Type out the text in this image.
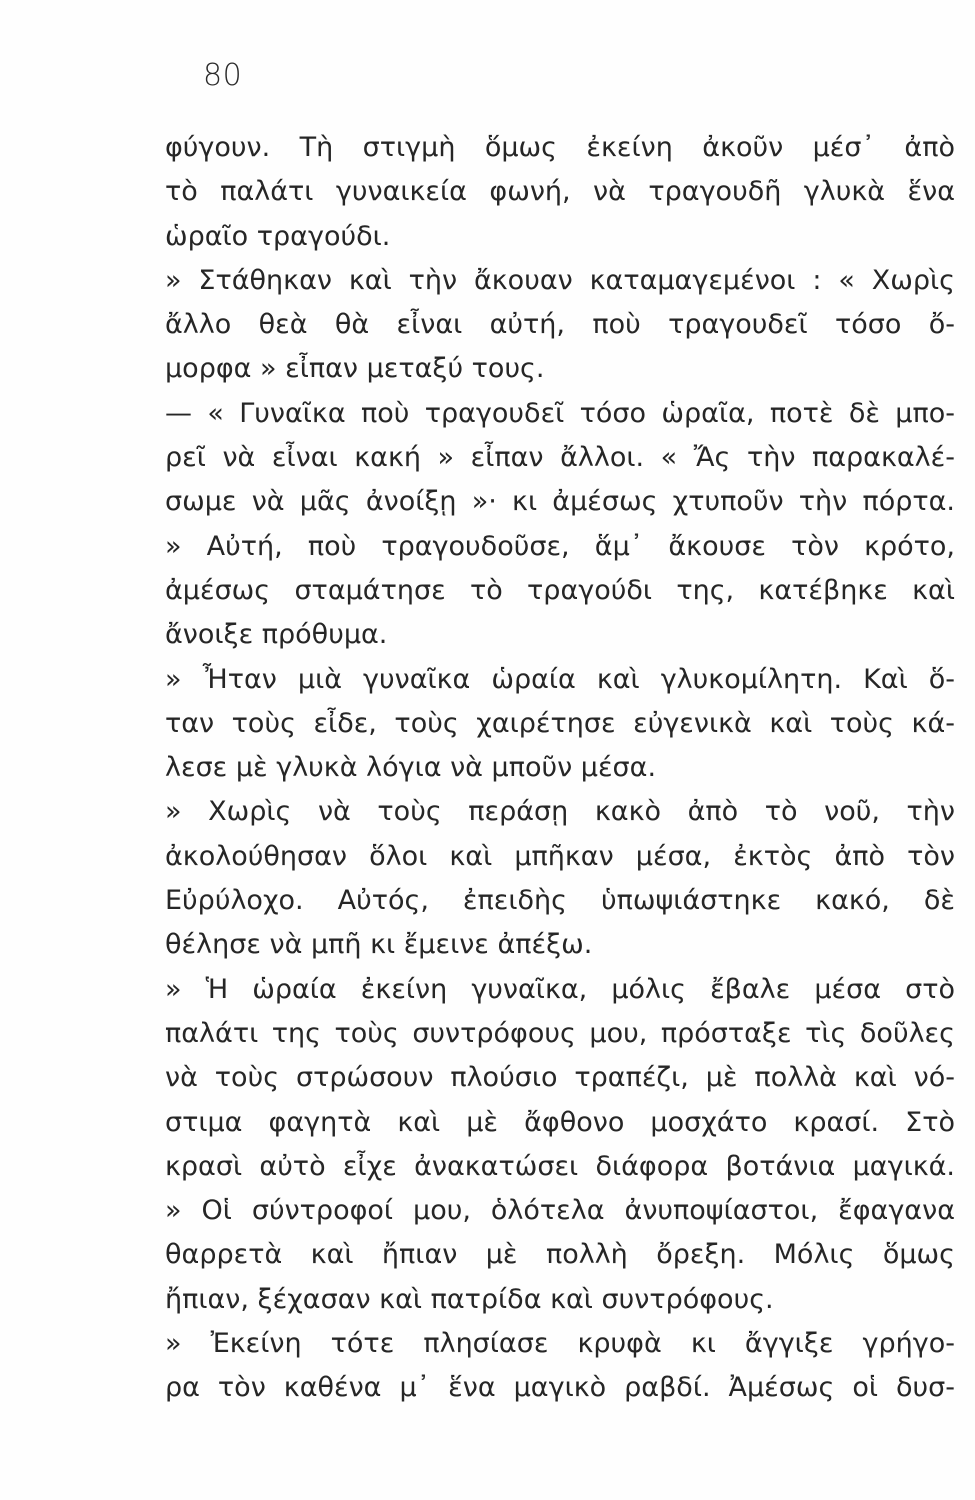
80
φύγουν. Τὴ στιγμὴ ὅμως ἐκείνη ἀκοῦν μέσ᾽ ἀπὸ
τὸ παλάτι γυναικεία φωνή, νὰ τραγουδῆ γλυκὰ ἕνα
ὡραῖο τραγούδι.
» Στάθηκαν καὶ τὴν ἄκουαν καταμαγεμένοι : « Χωρὶς
ἄλλο θεὰ θὰ εἶναι αὐτή, ποὺ τραγουδεῖ τόσο ὄ-
μορφα » εἶπαν μεταξύ τους.
— « Γυναῖκα ποὺ τραγουδεῖ τόσο ὡραῖα, ποτὲ δὲ μπο-
ρεῖ νὰ εἶναι κακή » εἶπαν ἄλλοι. « Ἄς τὴν παρακαλέ-
σωμε νὰ μᾶς ἀνοίξῃ »· κι ἀμέσως χτυποῦν τὴν πόρτα.
» Αὐτή, ποὺ τραγουδοῦσε, ἅμ᾽ ἄκουσε τὸν κρότο,
ἀμέσως σταμάτησε τὸ τραγούδι της, κατέβηκε καὶ
ἄνοιξε πρόθυμα.
» Ἦταν μιὰ γυναῖκα ὡραία καὶ γλυκομίλητη. Καὶ ὅ-
ταν τοὺς εἶδε, τοὺς χαιρέτησε εὐγενικὰ καὶ τοὺς κά-
λεσε μὲ γλυκὰ λόγια νὰ μποῦν μέσα.
» Χωρὶς νὰ τοὺς περάσῃ κακὸ ἀπὸ τὸ νοῦ, τὴν
ἀκολούθησαν ὅλοι καὶ μπῆκαν μέσα, ἐκτὸς ἀπὸ τὸν
Εὐρύλοχο. Αὐτός, ἐπειδὴς ὑπωψιάστηκε κακό, δὲ
θέλησε νὰ μπῆ κι ἔμεινε ἀπέξω.
» Ἡ ὡραία ἐκείνη γυναῖκα, μόλις ἔβαλε μέσα στὸ
παλάτι της τοὺς συντρόφους μου, πρόσταξε τὶς δοῦλες
νὰ τοὺς στρώσουν πλούσιο τραπέζι, μὲ πολλὰ καὶ νό-
στιμα φαγητὰ καὶ μὲ ἄφθονο μοσχάτο κρασί. Στὸ
κρασὶ αὐτὸ εἶχε ἀνακατώσει διάφορα βοτάνια μαγικά.
» Οἱ σύντροφοί μου, ὁλότελα ἀνυποψίαστοι, ἔφαγανα
θαρρετὰ καὶ ἤπιαν μὲ πολλὴ ὄρεξη. Μόλις ὅμως
ἤπιαν, ξέχασαν καὶ πατρίδα καὶ συντρόφους.
» Ἐκείνη τότε πλησίασε κρυφὰ κι ἄγγιξε γρήγο-
ρα τὸν καθένα μ᾽ ἕνα μαγικὸ ραβδί. Ἀμέσως οἱ δυσ-
